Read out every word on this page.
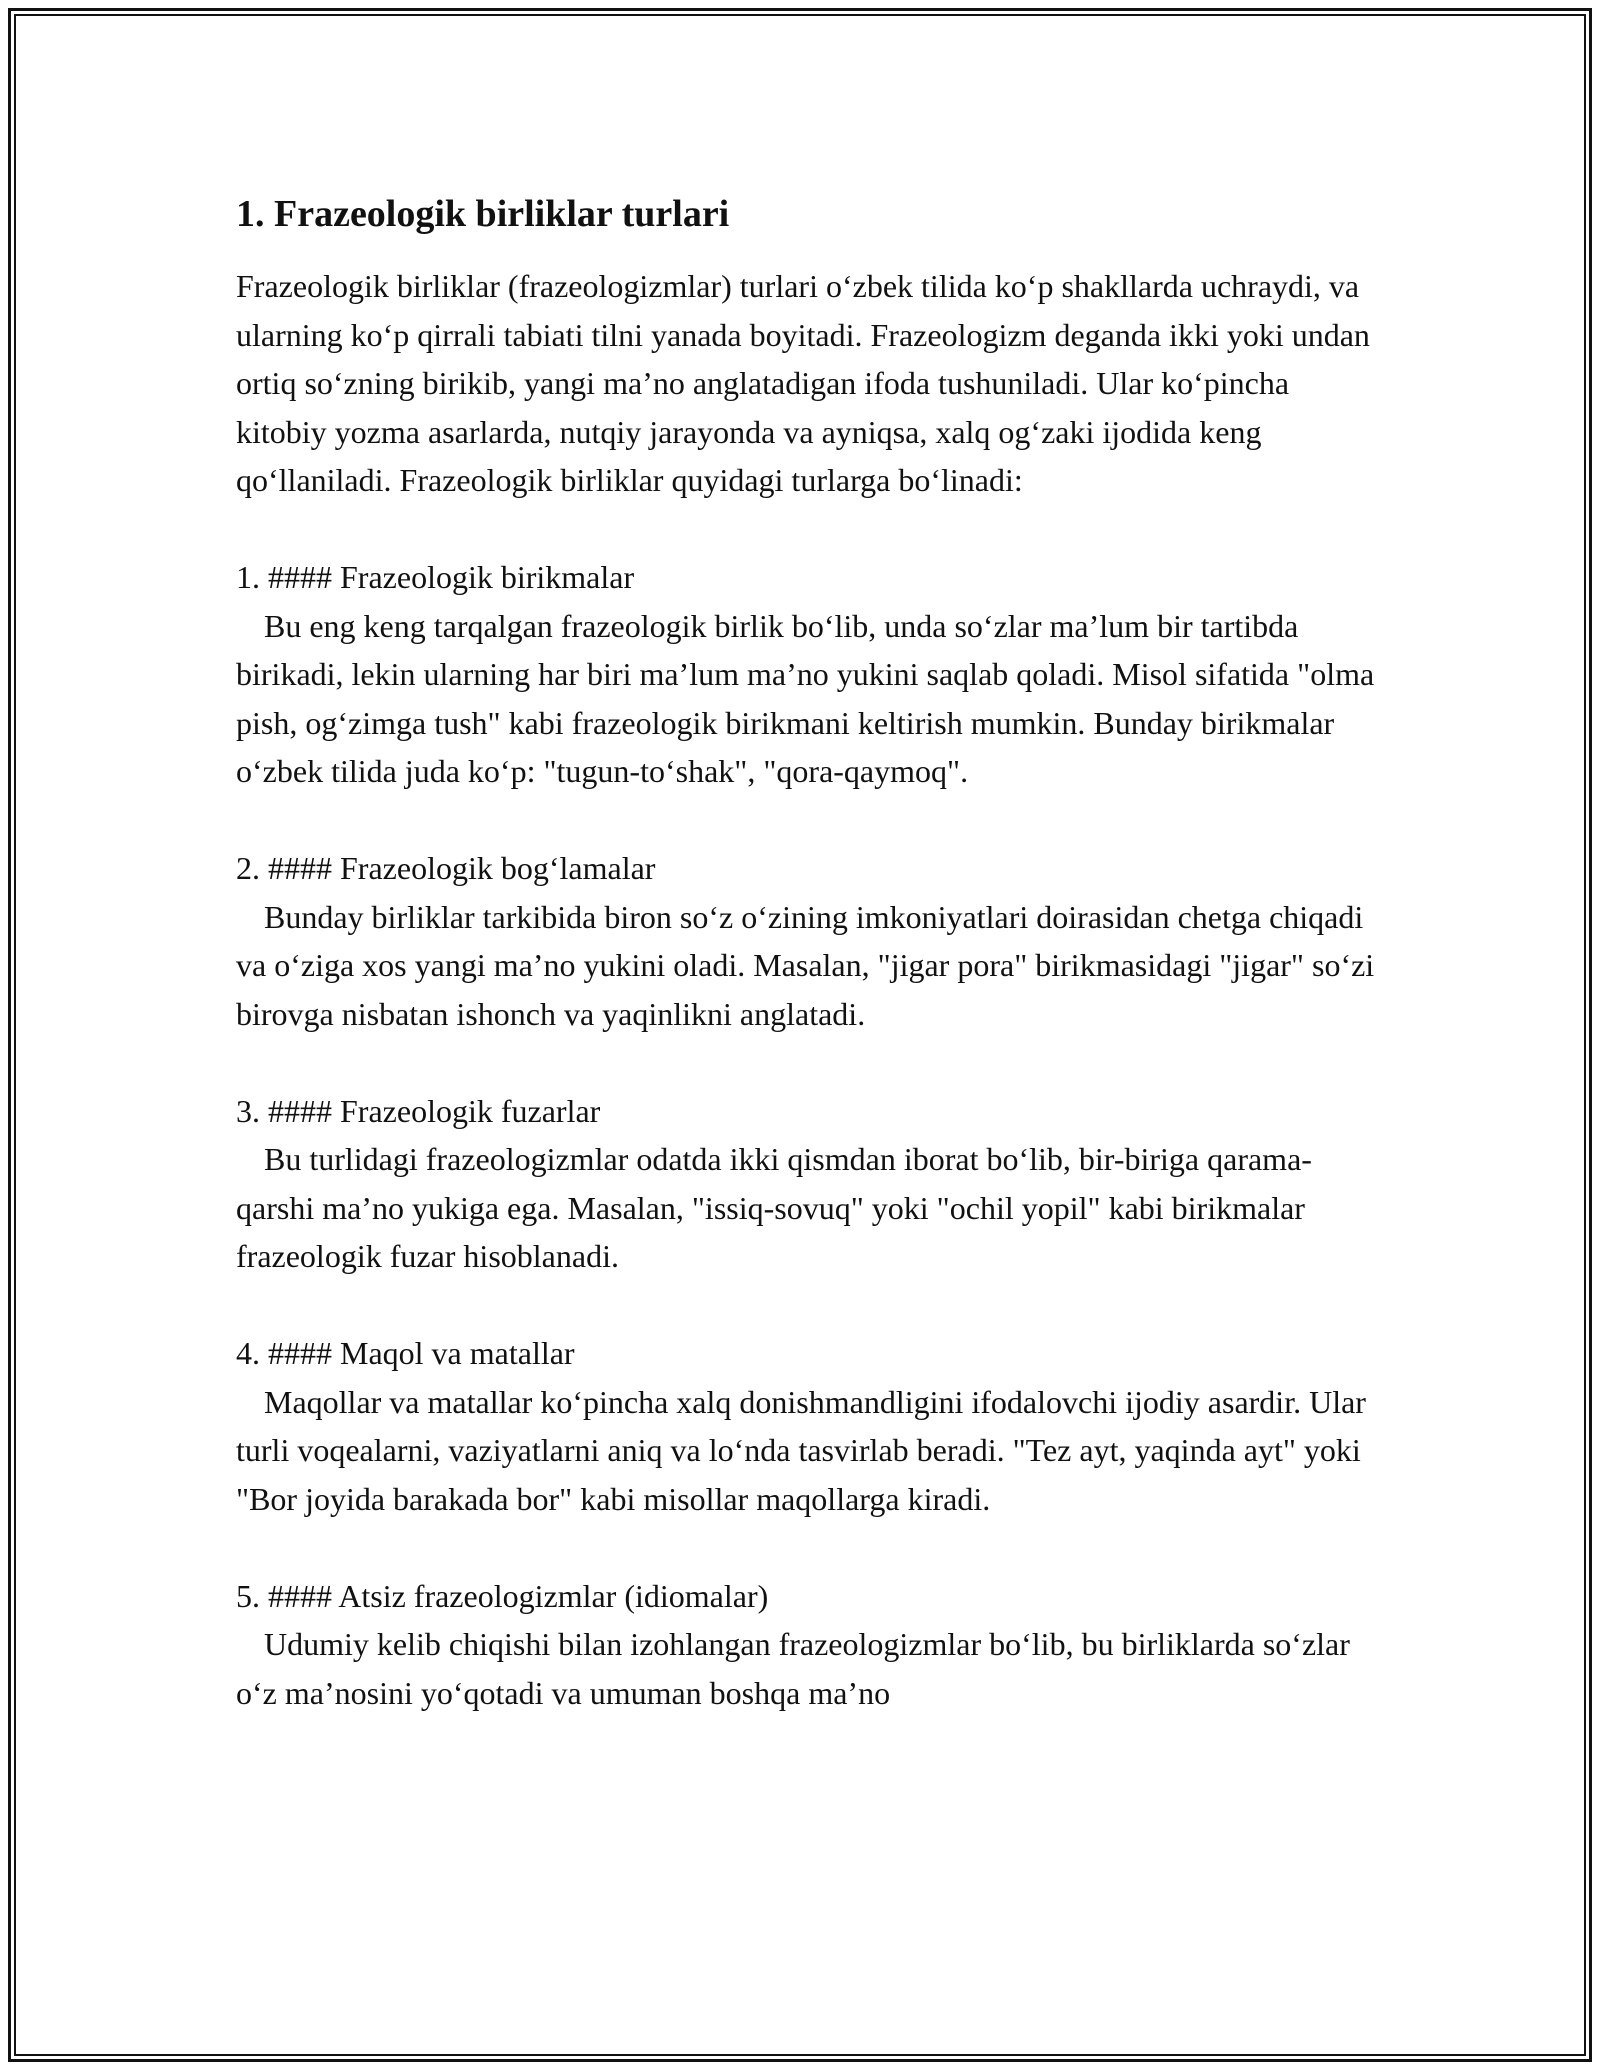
1. Frazeologik birliklar turlari

Frazeologik birliklar (frazeologizmlar) turlari o‘zbek tilida ko‘p shakllarda uchraydi, va ularning ko‘p qirrali tabiati tilni yanada boyitadi. Frazeologizm deganda ikki yoki undan ortiq so‘zning birikib, yangi ma’no anglatadigan ifoda tushuniladi. Ular ko‘pincha kitobiy yozma asarlarda, nutqiy jarayonda va ayniqsa, xalq og‘zaki ijodida keng qo‘llaniladi. Frazeologik birliklar quyidagi turlarga bo‘linadi:

1. #### Frazeologik birikmalar

Bu eng keng tarqalgan frazeologik birlik bo‘lib, unda so‘zlar ma’lum bir tartibda birikadi, lekin ularning har biri ma’lum ma’no yukini saqlab qoladi. Misol sifatida "olma pish, og‘zimga tush" kabi frazeologik birikmani keltirish mumkin. Bunday birikmalar o‘zbek tilida juda ko‘p: "tugun-to‘shak", "qora-qaymoq".

2. #### Frazeologik bog‘lamalar

Bunday birliklar tarkibida biron so‘z o‘zining imkoniyatlari doirasidan chetga chiqadi va o‘ziga xos yangi ma’no yukini oladi. Masalan, "jigar pora" birikmasidagi "jigar" so‘zi birovga nisbatan ishonch va yaqinlikni anglatadi.

3. #### Frazeologik fuzarlar

Bu turlidagi frazeologizmlar odatda ikki qismdan iborat bo‘lib, bir-biriga qarama-qarshi ma’no yukiga ega. Masalan, "issiq-sovuq" yoki "ochil yopil" kabi birikmalar frazeologik fuzar hisoblanadi.

4. #### Maqol va matallar

Maqollar va matallar ko‘pincha xalq donishmandligini ifodalovchi ijodiy asardir. Ular turli voqealarni, vaziyatlarni aniq va lo‘nda tasvirlab beradi. "Tez ayt, yaqinda ayt" yoki "Bor joyida barakada bor" kabi misollar maqollarga kiradi.

5. #### Atsiz frazeologizmlar (idiomalar)

Udumiy kelib chiqishi bilan izohlangan frazeologizmlar bo‘lib, bu birliklarda so‘zlar o‘z ma’nosini yo‘qotadi va umuman boshqa ma’no
